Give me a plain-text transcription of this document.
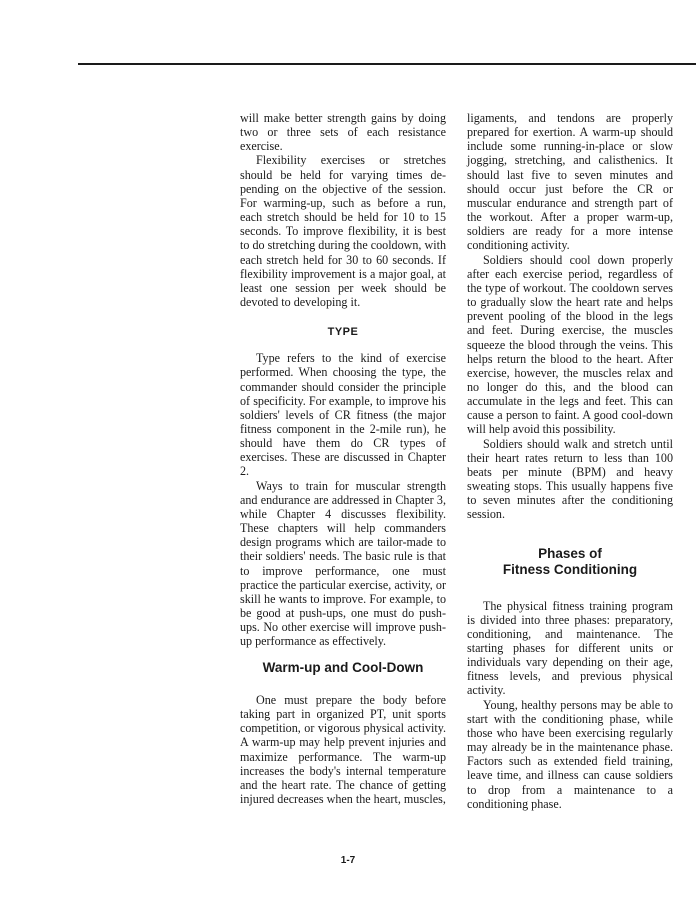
will make better strength gains by doing two or three sets of each resistance exercise.

Flexibility exercises or stretches should be held for varying times depending on the objective of the session. For warming-up, such as before a run, each stretch should be held for 10 to 15 seconds. To improve flexibility, it is best to do stretching during the cooldown, with each stretch held for 30 to 60 seconds. If flexibility improvement is a major goal, at least one session per week should be devoted to developing it.

TYPE

Type refers to the kind of exercise performed. When choosing the type, the commander should consider the principle of specificity. For example, to improve his soldiers' levels of CR fitness (the major fitness component in the 2-mile run), he should have them do CR types of exercises. These are discussed in Chapter 2.

Ways to train for muscular strength and endurance are addressed in Chapter 3, while Chapter 4 discusses flexibility. These chapters will help commanders design programs which are tailor-made to their soldiers' needs. The basic rule is that to improve performance, one must practice the particular exercise, activity, or skill he wants to improve. For example, to be good at push-ups, one must do pushups. No other exercise will improve push-up performance as effectively.

Warm-up and Cool-Down

One must prepare the body before taking part in organized PT, unit sports competition, or vigorous physical activity. A warm-up may help prevent injuries and maximize performance. The warm-up increases the body's internal temperature and the heart rate. The chance of getting injured decreases when the heart, muscles,

ligaments, and tendons are properly prepared for exertion. A warm-up should include some running-in-place or slow jogging, stretching, and calisthenics. It should last five to seven minutes and should occur just before the CR or muscular endurance and strength part of the workout. After a proper warm-up, soldiers are ready for a more intense conditioning activity.

Soldiers should cool down properly after each exercise period, regardless of the type of workout. The cooldown serves to gradually slow the heart rate and helps prevent pooling of the blood in the legs and feet. During exercise, the muscles squeeze the blood through the veins. This helps return the blood to the heart. After exercise, however, the muscles relax and no longer do this, and the blood can accumulate in the legs and feet. This can cause a person to faint. A good cool-down will help avoid this possibility.

Soldiers should walk and stretch until their heart rates return to less than 100 beats per minute (BPM) and heavy sweating stops. This usually happens five to seven minutes after the conditioning session.

Phases of
Fitness Conditioning

The physical fitness training program is divided into three phases: preparatory, conditioning, and maintenance. The starting phases for different units or individuals vary depending on their age, fitness levels, and previous physical activity.

Young, healthy persons may be able to start with the conditioning phase, while those who have been exercising regularly may already be in the maintenance phase. Factors such as extended field training, leave time, and illness can cause soldiers to drop from a maintenance to a conditioning phase.

1-7
